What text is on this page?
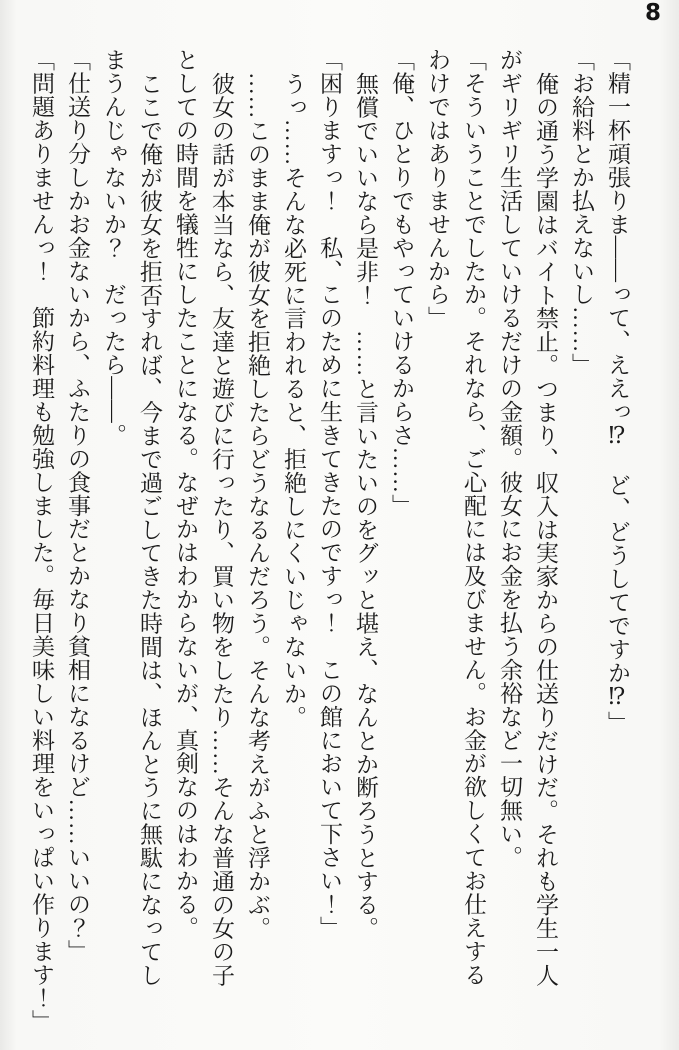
8
「精一杯頑張りま――って、ええっ⁉　ど、どうしてですか⁉」
「お給料とか払えないし……」
俺の通う学園はバイト禁止。つまり、収入は実家からの仕送りだけだ。それも学生一人
がギリギリ生活していけるだけの金額。彼女にお金を払う余裕など一切無い。
「そういうことでしたか。それなら、ご心配には及びません。お金が欲しくてお仕えする
わけではありませんから」
「俺、ひとりでもやっていけるからさ……」
無償でいいなら是非！　……と言いたいのをグッと堪え、なんとか断ろうとする。
「困りますっ！　私、このために生きてきたのですっ！　この館において下さい！」
うっ……そんな必死に言われると、拒絶しにくいじゃないか。
……このまま俺が彼女を拒絶したらどうなるんだろう。そんな考えがふと浮かぶ。
彼女の話が本当なら、友達と遊びに行ったり、買い物をしたり……そんな普通の女の子
としての時間を犠牲にしたことになる。なぜかはわからないが、真剣なのはわかる。
ここで俺が彼女を拒否すれば、今まで過ごしてきた時間は、ほんとうに無駄になってし
まうんじゃないか？　だったら――。
「仕送り分しかお金ないから、ふたりの食事だとかなり貧相になるけど……いいの？」
「問題ありませんっ！　節約料理も勉強しました。毎日美味しい料理をいっぱい作ります！」
